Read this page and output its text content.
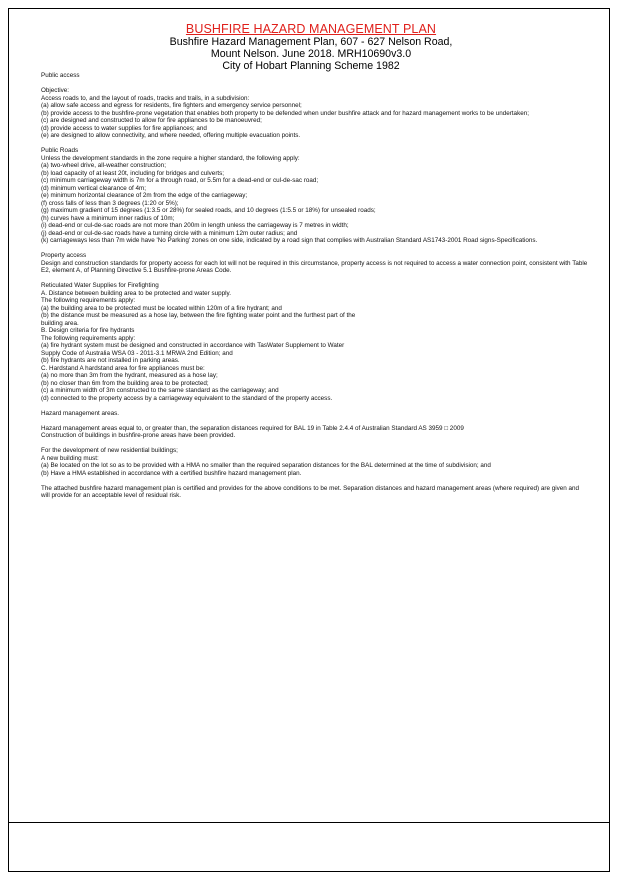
BUSHFIRE HAZARD MANAGEMENT PLAN
Bushfire Hazard Management Plan, 607 - 627 Nelson Road,
Mount Nelson. June 2018. MRH10690v3.0
City of Hobart Planning Scheme 1982

Public access

Objective:
Access roads to, and the layout of roads, tracks and trails, in a subdivision:
(a) allow safe access and egress for residents, fire fighters and emergency service personnel;
(b) provide access to the bushfire-prone vegetation that enables both property to be defended when under bushfire attack and for hazard management works to be undertaken;
(c) are designed and constructed to allow for fire appliances to be manoeuvred;
(d) provide access to water supplies for fire appliances; and
(e) are designed to allow connectivity, and where needed, offering multiple evacuation points.

Public Roads
Unless the development standards in the zone require a higher standard, the following apply:
(a) two-wheel drive, all-weather construction;
(b) load capacity of at least 20t, including for bridges and culverts;
(c) minimum carriageway width is 7m for a through road, or 5.5m for a dead-end or cul-de-sac road;
(d) minimum vertical clearance of 4m;
(e) minimum horizontal clearance of 2m from the edge of the carriageway;
(f) cross falls of less than 3 degrees (1:20 or 5%);
(g) maximum gradient of 15 degrees (1:3.5 or 28%) for sealed roads, and 10 degrees (1:5.5 or 18%) for unsealed roads;
(h) curves have a minimum inner radius of 10m;
(i) dead-end or cul-de-sac roads are not more than 200m in length unless the carriageway is 7 metres in width;
(j) dead-end or cul-de-sac roads have a turning circle with a minimum 12m outer radius; and
(k) carriageways less than 7m wide have 'No Parking' zones on one side, indicated by a road sign that complies with Australian Standard AS1743-2001 Road signs-Specifications.

Property access
Design and construction standards for property access for each lot will not be required in this circumstance, property access is not required to access a water connection point, consistent with Table E2, element A, of Planning Directive 5.1 Bushfire-prone Areas Code.

Reticulated Water Supplies for Firefighting
A. Distance between building area to be protected and water supply.
The following requirements apply:
(a) the building area to be protected must be located within 120m of a fire hydrant; and
(b) the distance must be measured as a hose lay, between the fire fighting water point and the furthest part of the
building area.
B. Design criteria for fire hydrants
The following requirements apply:
(a) fire hydrant system must be designed and constructed in accordance with TasWater Supplement to Water
Supply Code of Australia WSA 03 - 2011-3.1 MRWA 2nd Edition; and
(b) fire hydrants are not installed in parking areas.
C. Hardstand A hardstand area for fire appliances must be:
(a) no more than 3m from the hydrant, measured as a hose lay;
(b) no closer than 6m from the building area to be protected;
(c) a minimum width of 3m constructed to the same standard as the carriageway; and
(d) connected to the property access by a carriageway equivalent to the standard of the property access.

Hazard management areas.

Hazard management areas equal to, or greater than, the separation distances required for BAL 19 in Table 2.4.4 of Australian Standard AS 3959 □ 2009
Construction of buildings in bushfire-prone areas have been provided.

For the development of new residential buildings;
A new building must:
(a) Be located on the lot so as to be provided with a HMA no smaller than the required separation distances for the BAL determined at the time of subdivision; and
(b) Have a HMA established in accordance with a certified bushfire hazard management plan.

The attached bushfire hazard management plan is certified and provides for the above conditions to be met. Separation distances and hazard management areas (where required) are given and will provide for an acceptable level of residual risk.
